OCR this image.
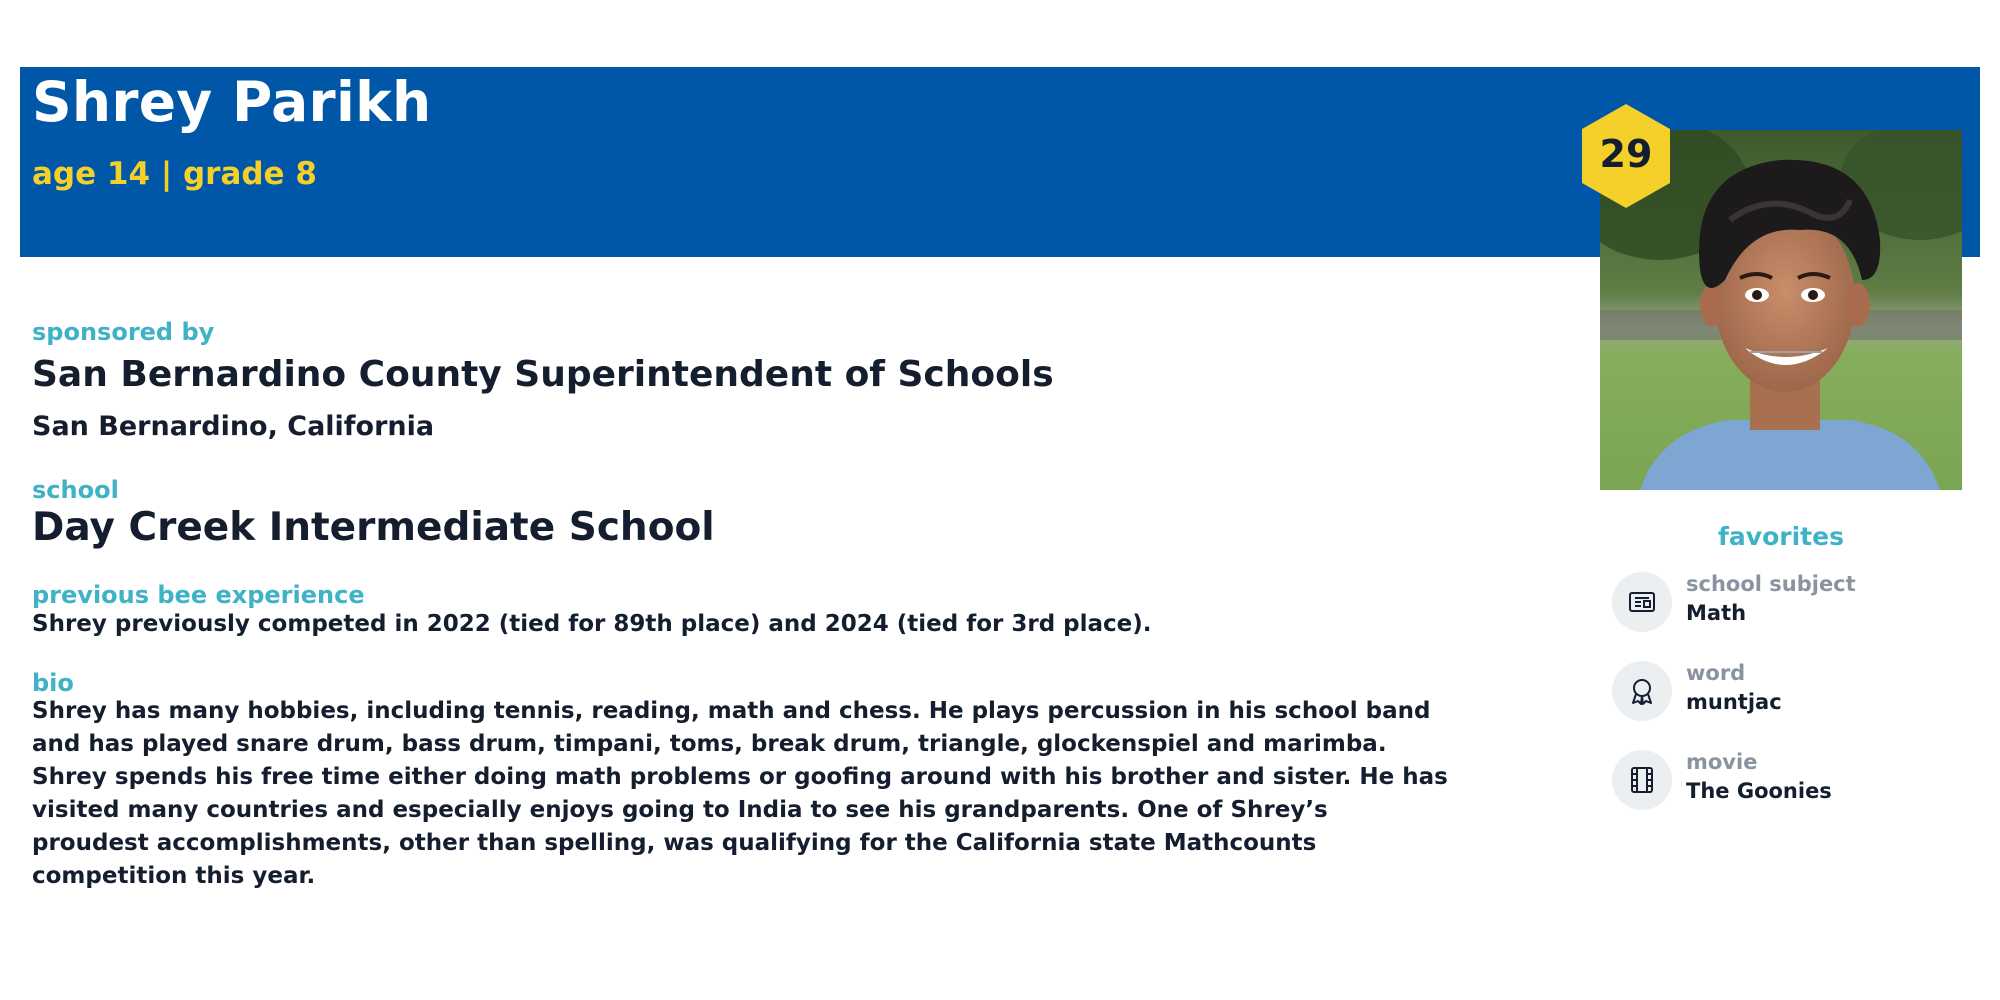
Shrey Parikh
age 14 | grade 8	29
sponsored by
San Bernardino County Superintendent of Schools
San Bernardino, California
school
Day Creek Intermediate School
previous bee experience
Shrey previously competed in 2022 (tied for 89th place) and 2024 (tied for 3rd place).
bio
Shrey has many hobbies, including tennis, reading, math and chess. He plays percussion in his school band and has played snare drum, bass drum, timpani, toms, break drum, triangle, glockenspiel and marimba. Shrey spends his free time either doing math problems or goofing around with his brother and sister. He has visited many countries and especially enjoys going to India to see his grandparents. One of Shrey’s proudest accomplishments, other than spelling, was qualifying for the California state Mathcounts competition this year.
favorites
school subject
Math
word
muntjac
movie
The Goonies
